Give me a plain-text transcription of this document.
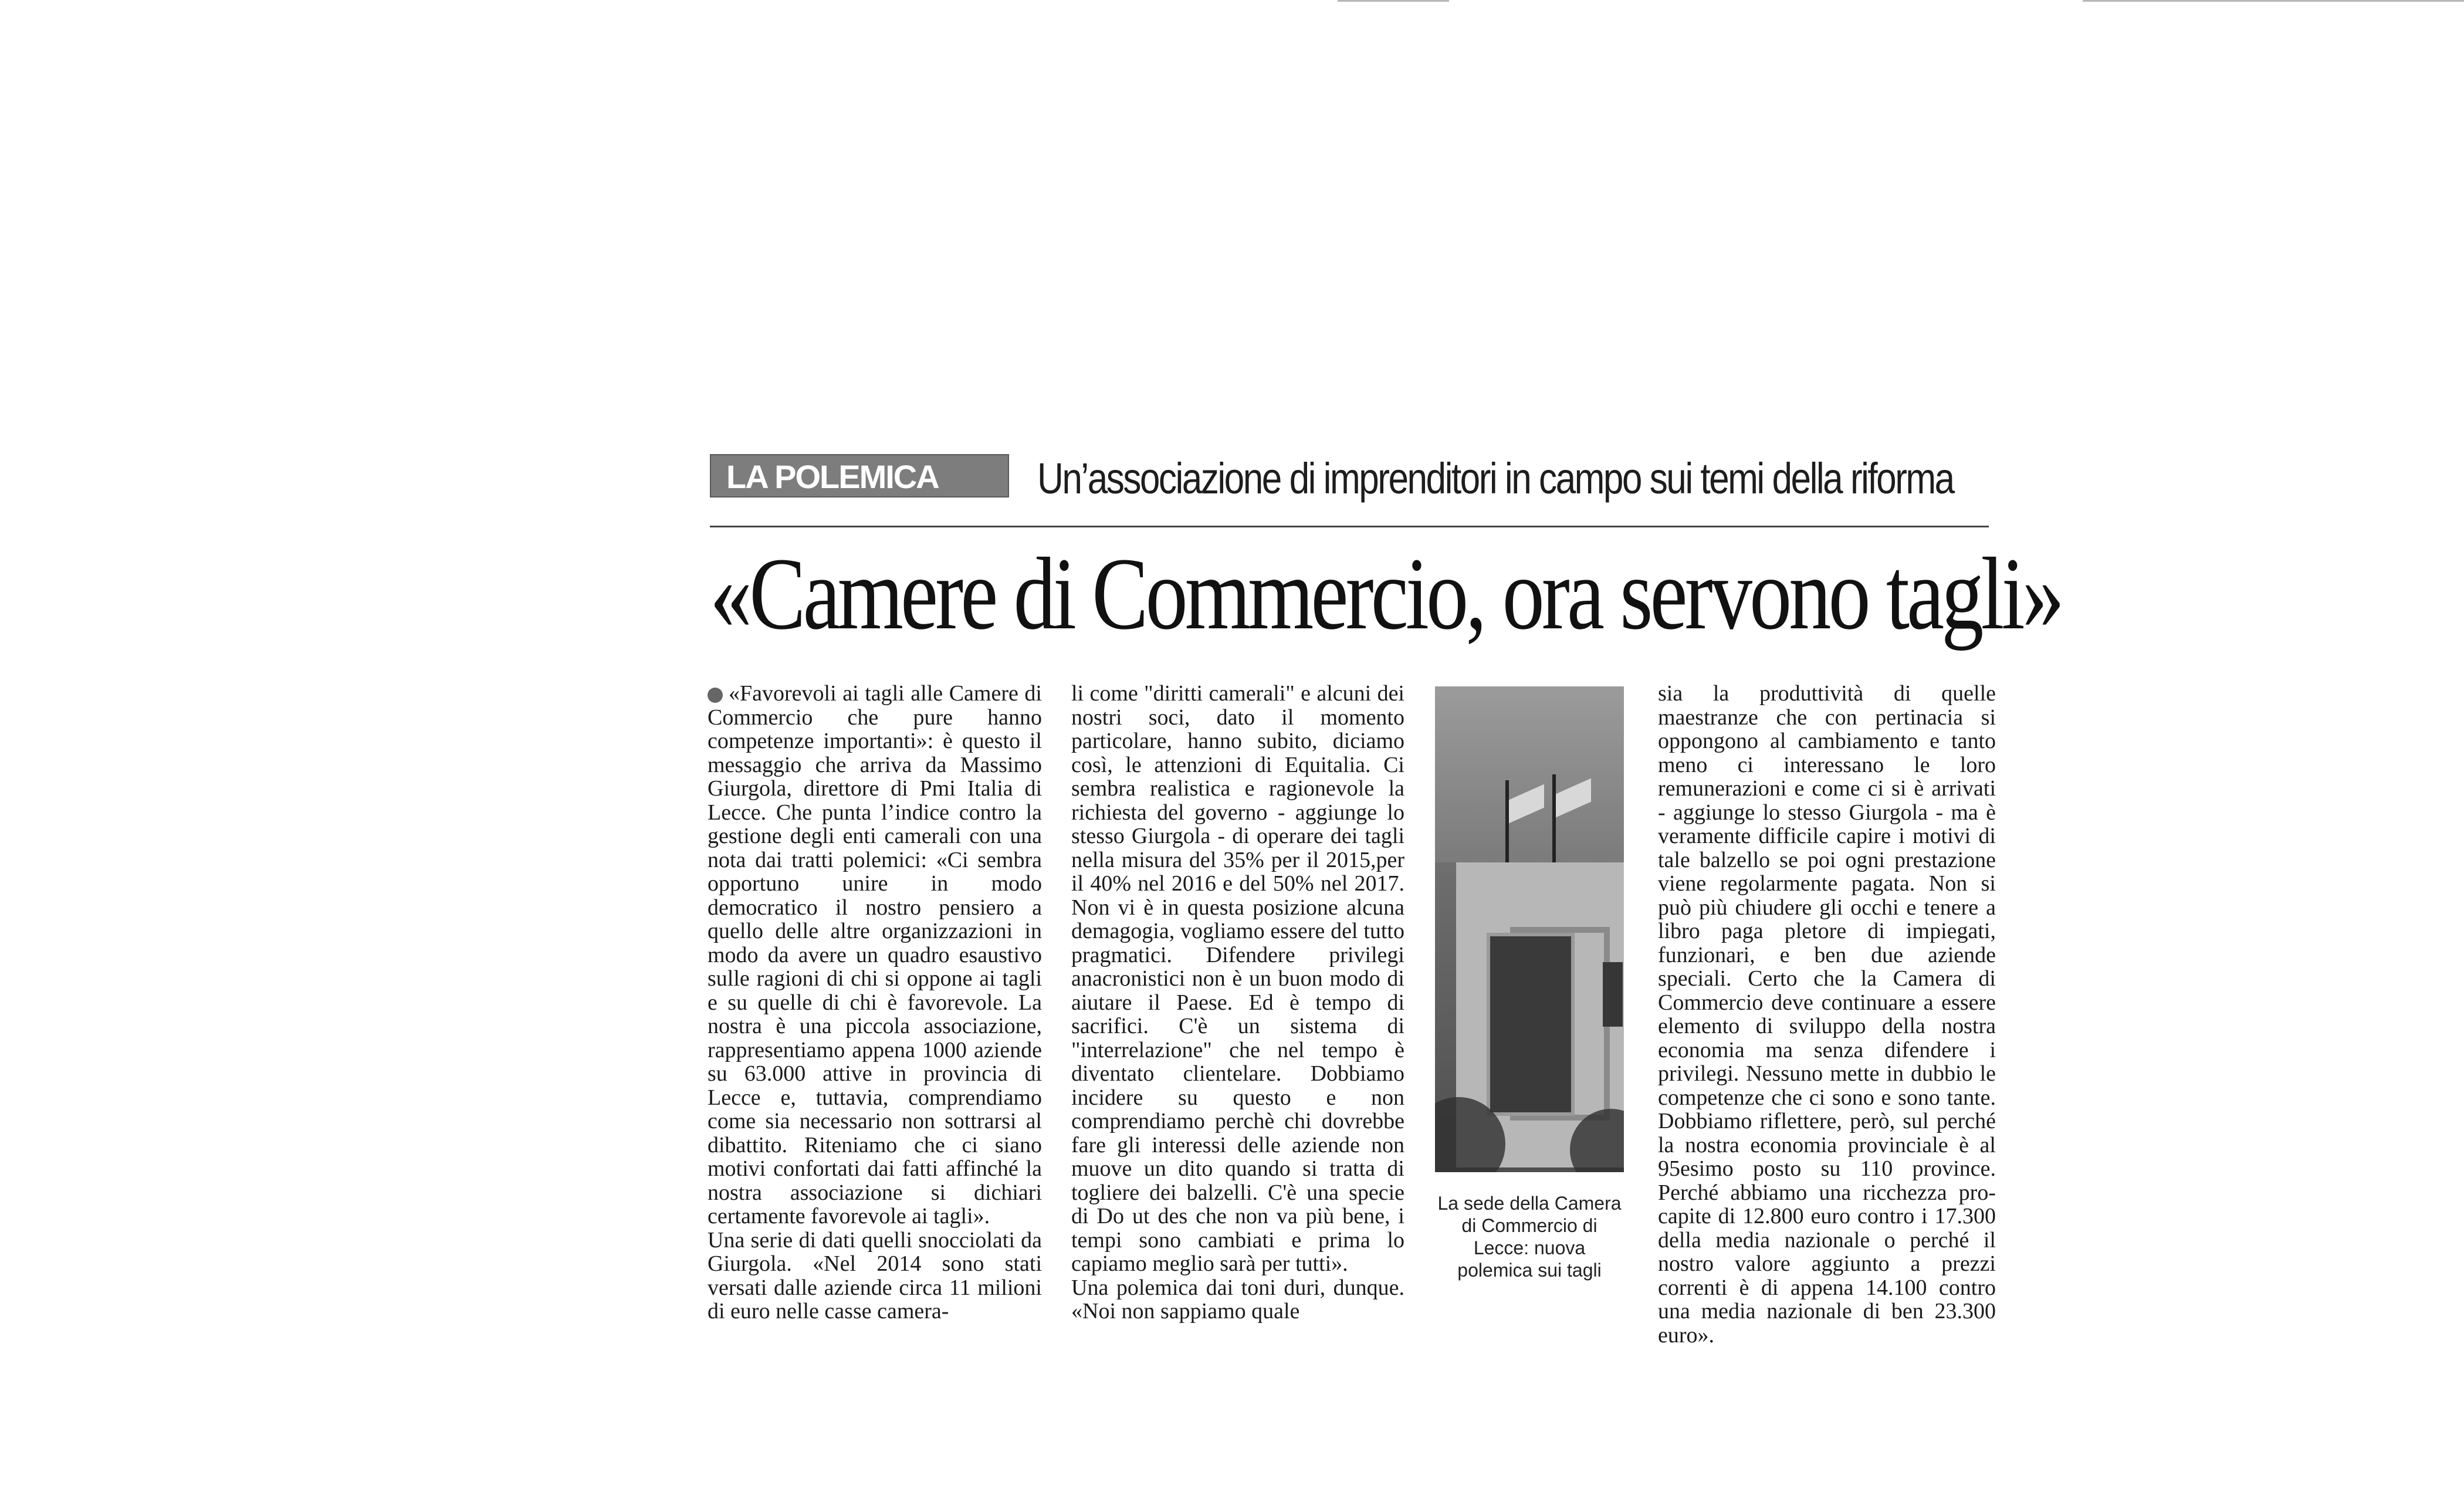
LA POLEMICA Un’associazione di imprenditori in campo sui temi della riforma
«Camere di Commercio, ora servono tagli»
«Favorevoli ai tagli alle Camere di Commercio che pure hanno competenze importanti»: è questo il messaggio che arriva da Massimo Giurgola, direttore di Pmi Italia di Lecce. Che punta l’indice contro la gestione degli enti camerali con una nota dai tratti polemici: «Ci sembra opportuno unire in modo democratico il nostro pensiero a quello delle altre organizzazioni in modo da avere un quadro esaustivo sulle ragioni di chi si oppone ai tagli e su quelle di chi è favorevole. La nostra è una piccola associazione, rappresentiamo appena 1000 aziende su 63.000 attive in provincia di Lecce e, tuttavia, comprendiamo come sia necessario non sottrarsi al dibattito. Riteniamo che ci siano motivi confortati dai fatti affinché la nostra associazione si dichiari certamente favorevole ai tagli».
Una serie di dati quelli snocciolati da Giurgola. «Nel 2014 sono stati versati dalle aziende circa 11 milioni di euro nelle casse camera-
li come "diritti camerali" e alcuni dei nostri soci, dato il momento particolare, hanno subito, diciamo così, le attenzioni di Equitalia. Ci sembra realistica e ragionevole la richiesta del governo - aggiunge lo stesso Giurgola - di operare dei tagli nella misura del 35% per il 2015,per il 40% nel 2016 e del 50% nel 2017. Non vi è in questa posizione alcuna demagogia, vogliamo essere del tutto pragmatici. Difendere privilegi anacronistici non è un buon modo di aiutare il Paese. Ed è tempo di sacrifici. C'è un sistema di "interrelazione" che nel tempo è diventato clientelare. Dobbiamo incidere su questo e non comprendiamo perchè chi dovrebbe fare gli interessi delle aziende non muove un dito quando si tratta di togliere dei balzelli. C'è una specie di Do ut des che non va più bene, i tempi sono cambiati e prima lo capiamo meglio sarà per tutti».
Una polemica dai toni duri, dunque. «Noi non sappiamo quale
La sede della Camera di Commercio di Lecce: nuova polemica sui tagli
sia la produttività di quelle maestranze che con pertinacia si oppongono al cambiamento e tanto meno ci interessano le loro remunerazioni e come ci si è arrivati - aggiunge lo stesso Giurgola - ma è veramente difficile capire i motivi di tale balzello se poi ogni prestazione viene regolarmente pagata. Non si può più chiudere gli occhi e tenere a libro paga pletore di impiegati, funzionari, e ben due aziende speciali. Certo che la Camera di Commercio deve continuare a essere elemento di sviluppo della nostra economia ma senza difendere i privilegi. Nessuno mette in dubbio le competenze che ci sono e sono tante. Dobbiamo riflettere, però, sul perché la nostra economia provinciale è al 95esimo posto su 110 province. Perché abbiamo una ricchezza pro-capite di 12.800 euro contro i 17.300 della media nazionale o perché il nostro valore aggiunto a prezzi correnti è di appena 14.100 contro una media nazionale di ben 23.300 euro».
